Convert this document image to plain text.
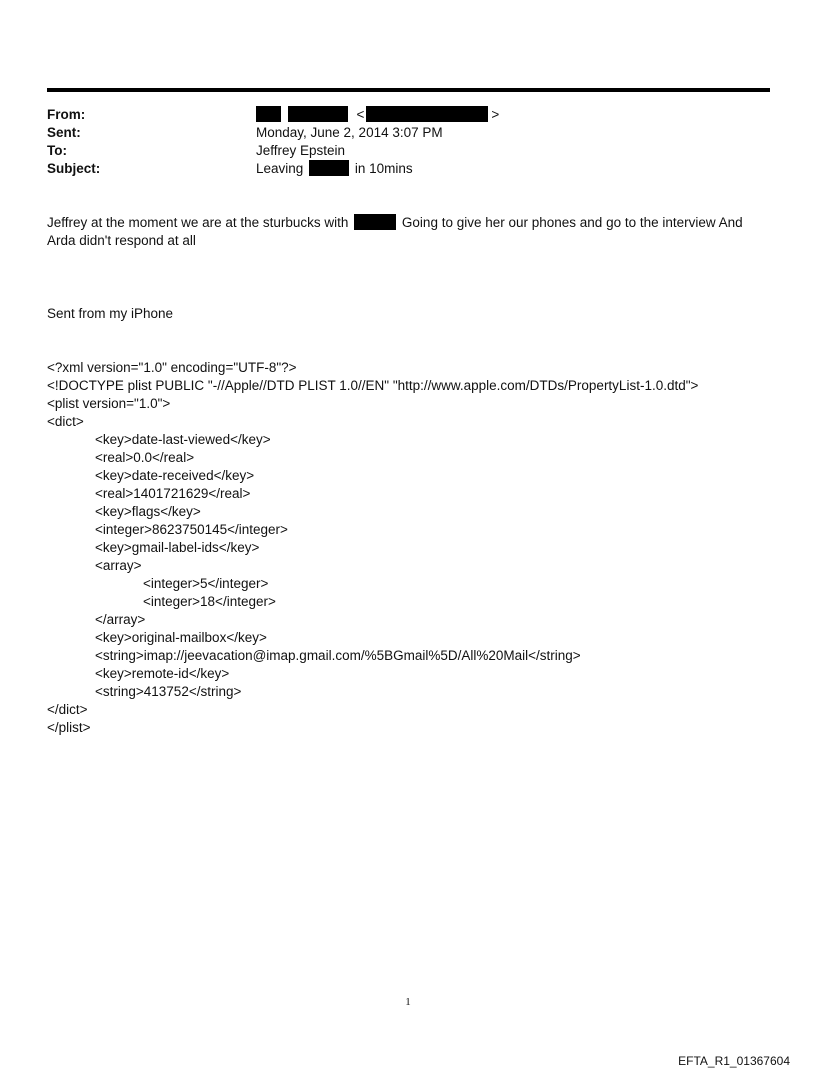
From:	<	>
Sent:	Monday, June 2, 2014 3:07 PM
To:	Jeffrey Epstein
Subject:	Leaving	in 10mins

Jeffrey at the moment we are at the sturbucks with	Going to give her our phones and go to the interview And

Arda didn't respond at all

Sent from my iPhone

<?xml version="1.0" encoding="UTF-8"?>
<!DOCTYPE plist PUBLIC "-//Apple//DTD PLIST 1.0//EN" "http://www.apple.com/DTDs/PropertyList-1.0.dtd">
<plist version="1.0">
<dict>
<key>date-last-viewed</key>
<real>0.0</real>
<key>date-received</key>
<real>1401721629</real>
<key>flags</key>
<integer>8623750145</integer>
<key>gmail-label-ids</key>
<array>
<integer>5</integer>
<integer>18</integer>
</array>
<key>original-mailbox</key>
<string>imap://jeevacation@imap.gmail.com/%5BGmail%5D/All%20Mail</string>
<key>remote-id</key>
<string>413752</string>
</dict>
</plist>

1
EFTA_R1_01367604
